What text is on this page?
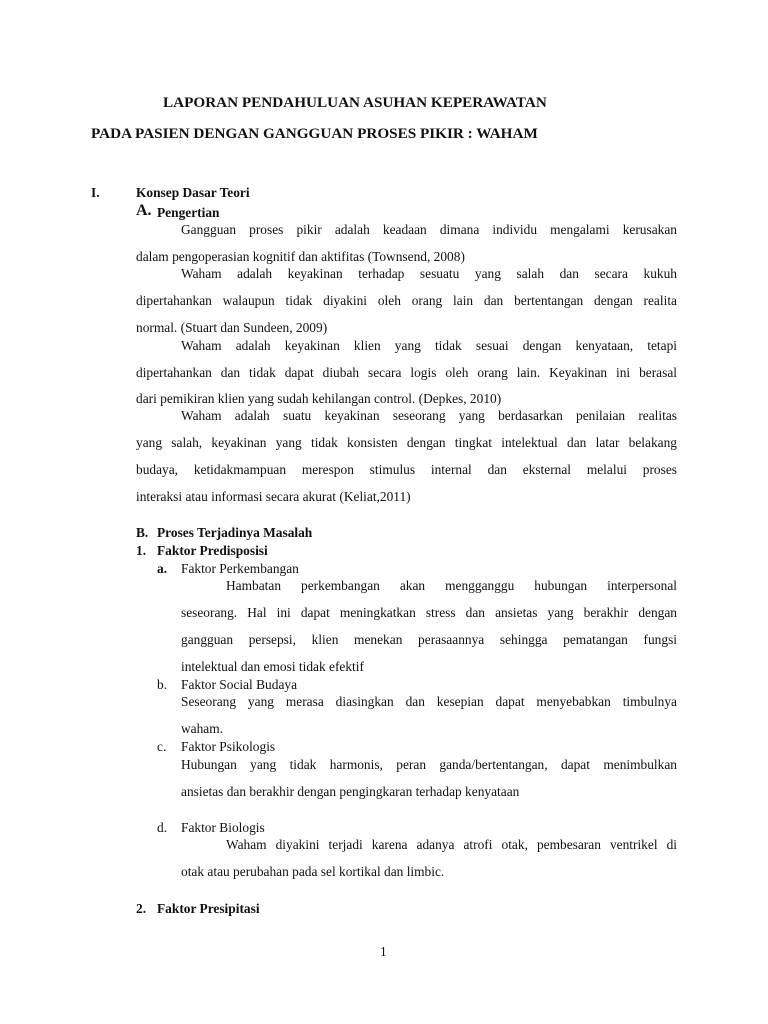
LAPORAN PENDAHULUAN ASUHAN KEPERAWATAN
PADA PASIEN DENGAN GANGGUAN PROSES PIKIR : WAHAM
I.	Konsep Dasar Teori
A. Pengertian
Gangguan proses pikir adalah keadaan dimana individu mengalami kerusakan
dalam pengoperasian kognitif dan aktifitas (Townsend, 2008)
Waham adalah keyakinan terhadap sesuatu yang salah dan secara kukuh
dipertahankan walaupun tidak diyakini oleh orang lain dan bertentangan dengan realita
normal. (Stuart dan Sundeen, 2009)
Waham adalah keyakinan klien yang tidak sesuai dengan kenyataan, tetapi
dipertahankan dan tidak dapat diubah secara logis oleh orang lain. Keyakinan ini berasal
dari pemikiran klien yang sudah kehilangan control. (Depkes, 2010)
Waham adalah suatu keyakinan seseorang yang berdasarkan penilaian realitas
yang salah, keyakinan yang tidak konsisten dengan tingkat intelektual dan latar belakang
budaya, ketidakmampuan merespon stimulus internal dan eksternal melalui proses
interaksi atau informasi secara akurat (Keliat,2011)
B. Proses Terjadinya Masalah
1. Faktor Predisposisi
a. Faktor Perkembangan
Hambatan perkembangan akan mengganggu hubungan interpersonal
seseorang. Hal ini dapat meningkatkan stress dan ansietas yang berakhir dengan
gangguan persepsi, klien menekan perasaannya sehingga pematangan fungsi
intelektual dan emosi tidak efektif
b. Faktor Social Budaya
Seseorang yang merasa diasingkan dan kesepian dapat menyebabkan timbulnya
waham.
c. Faktor Psikologis
Hubungan yang tidak harmonis, peran ganda/bertentangan, dapat menimbulkan
ansietas dan berakhir dengan pengingkaran terhadap kenyataan
d. Faktor Biologis
Waham diyakini terjadi karena adanya atrofi otak, pembesaran ventrikel di
otak atau perubahan pada sel kortikal dan limbic.
2. Faktor Presipitasi
1
